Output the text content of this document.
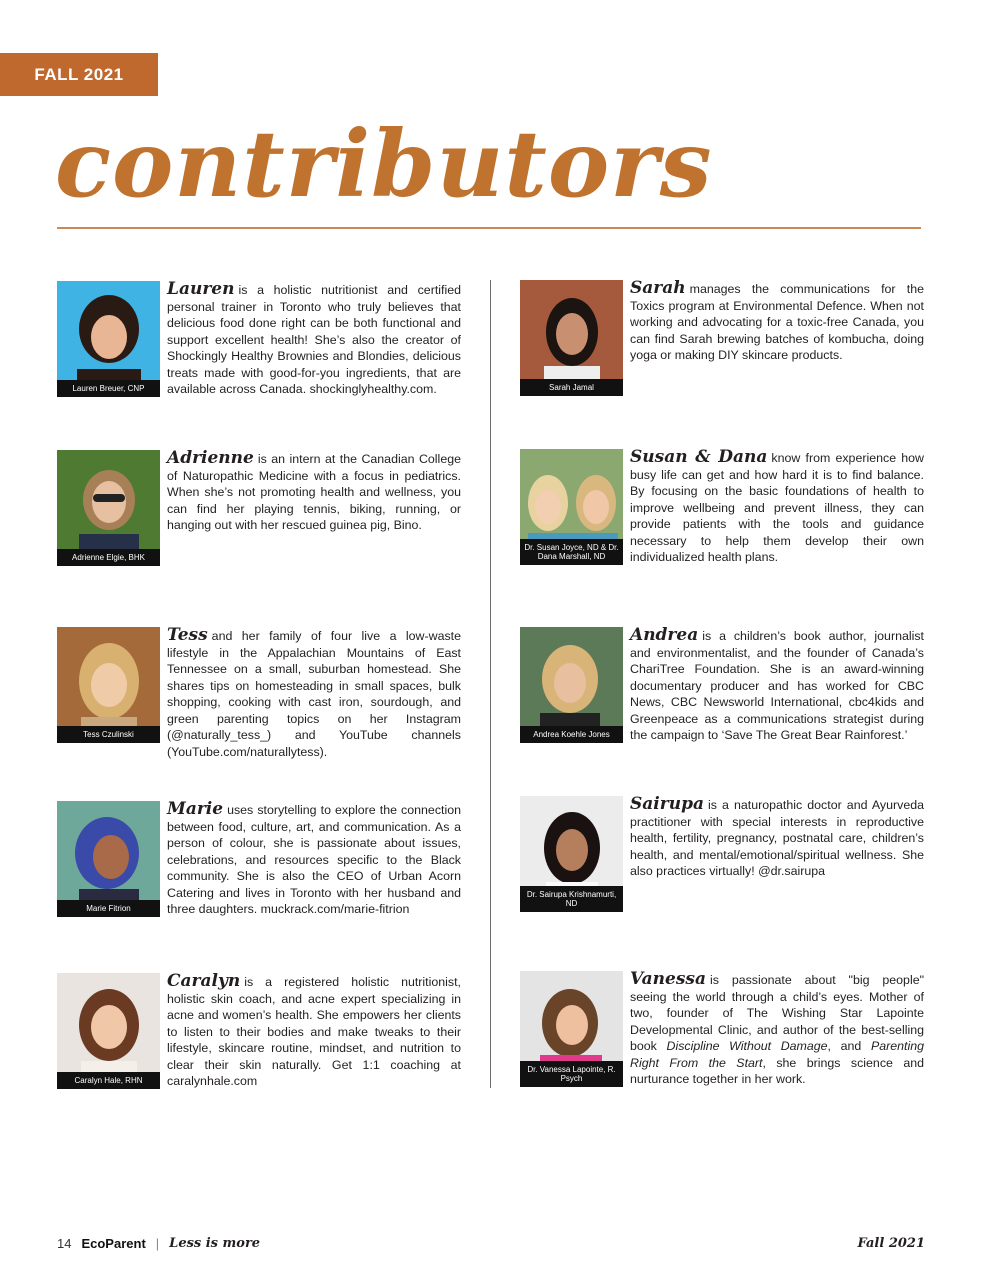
FALL 2021
contributors
Lauren Breuer, CNP

Lauren is a holistic nutritionist and certified personal trainer in Toronto who truly believes that delicious food done right can be both functional and support excellent health! She’s also the creator of Shockingly Healthy Brownies and Blondies, delicious treats made with good-for-you ingredients, that are available across Canada. shockinglyhealthy.com.

Adrienne Elgie, BHK

Adrienne is an intern at the Canadian College of Naturopathic Medicine with a focus in pediatrics. When she’s not promoting health and wellness, you can find her playing tennis, biking, running, or hanging out with her rescued guinea pig, Bino.

Tess Czulinski

Tess and her family of four live a low-waste lifestyle in the Appalachian Mountains of East Tennessee on a small, suburban homestead. She shares tips on homesteading in small spaces, bulk shopping, cooking with cast iron, sourdough, and green parenting topics on her Instagram (@naturally_tess_) and YouTube channels (YouTube.com/naturallytess).

Marie Fitrion

Marie uses storytelling to explore the connection between food, culture, art, and communication. As a person of colour, she is passionate about issues, celebrations, and resources specific to the Black community. She is also the CEO of Urban Acorn Catering and lives in Toronto with her husband and three daughters. muckrack.com/marie-fitrion

Caralyn Hale, RHN

Caralyn is a registered holistic nutritionist, holistic skin coach, and acne expert specializing in acne and women’s health. She empowers her clients to listen to their bodies and make tweaks to their lifestyle, skincare routine, mindset, and nutrition to clear their skin naturally. Get 1:1 coaching at caralynhale.com

Sarah Jamal

Sarah manages the communications for the Toxics program at Environmental Defence. When not working and advocating for a toxic-free Canada, you can find Sarah brewing batches of kombucha, doing yoga or making DIY skincare products.

Dr. Susan Joyce, ND & Dr. Dana Marshall, ND

Susan & Dana know from experience how busy life can get and how hard it is to find balance. By focusing on the basic foundations of health to improve wellbeing and prevent illness, they can provide patients with the tools and guidance necessary to help them develop their own individualized health plans.

Andrea Koehle Jones

Andrea is a children’s book author, journalist and environmentalist, and the founder of Canada’s ChariTree Foundation. She is an award-winning documentary producer and has worked for CBC News, CBC Newsworld International, cbc4kids and Greenpeace as a communications strategist during the campaign to ‘Save The Great Bear Rainforest.’

Dr. Sairupa Krishnamurti, ND

Sairupa is a naturopathic doctor and Ayurveda practitioner with special interests in reproductive health, fertility, pregnancy, postnatal care, children’s health, and mental/emotional/spiritual wellness. She also practices virtually! @dr.sairupa

Dr. Vanessa Lapointe, R. Psych

Vanessa is passionate about "big people" seeing the world through a child’s eyes. Mother of two, founder of The Wishing Star Lapointe Developmental Clinic, and author of the best-selling book Discipline Without Damage, and Parenting Right From the Start, she brings science and nurturance together in her work.

14 EcoParent | Less is more	Fall 2021
